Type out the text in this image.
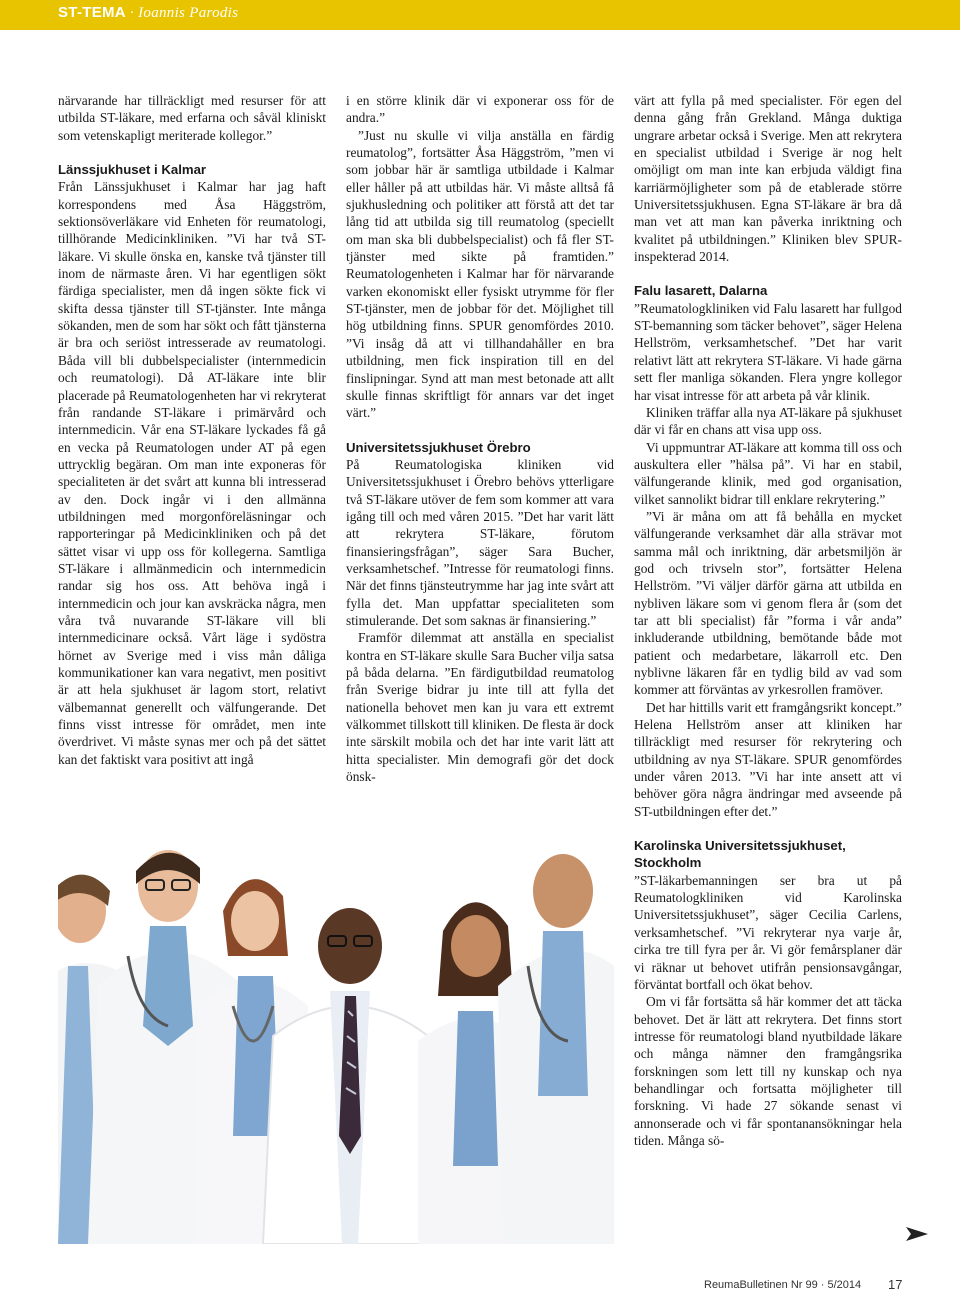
ST-TEMA · Ioannis Parodis

närvarande har tillräckligt med resurser för att utbilda ST-läkare, med erfarna och såväl kliniskt som vetenskapligt meriterade kollegor.”

Länssjukhuset i Kalmar

Från Länssjukhuset i Kalmar har jag haft korrespondens med Åsa Häggström, sektionsöverläkare vid Enheten för reumatologi, tillhörande Medicinkliniken. ”Vi har två ST-läkare. Vi skulle önska en, kanske två tjänster till inom de närmaste åren. Vi har egentligen sökt färdiga specialister, men då ingen sökte fick vi skifta dessa tjänster till ST-tjänster. Inte många sökanden, men de som har sökt och fått tjänsterna är bra och seriöst intresserade av reumatologi. Båda vill bli dubbelspecialister (internmedicin och reumatologi). Då AT-läkare inte blir placerade på Reumatologenheten har vi rekryterat från randande ST-läkare i primärvård och internmedicin. Vår ena ST-läkare lyckades få gå en vecka på Reumatologen under AT på egen uttrycklig begäran. Om man inte exponeras för specialiteten är det svårt att kunna bli intresserad av den. Dock ingår vi i den allmänna utbildningen med morgonföreläsningar och rapporteringar på Medicinkliniken och på det sättet visar vi upp oss för kollegerna. Samtliga ST-läkare i allmänmedicin och internmedicin randar sig hos oss. Att behöva ingå i internmedicin och jour kan avskräcka några, men våra två nuvarande ST-läkare vill bli internmedicinare också. Vårt läge i sydöstra hörnet av Sverige med i viss mån dåliga kommunikationer kan vara negativt, men positivt är att hela sjukhuset är lagom stort, relativt välbemannat generellt och välfungerande. Det finns visst intresse för området, men inte överdrivet. Vi måste synas mer och på det sättet kan det faktiskt vara positivt att ingå

i en större klinik där vi exponerar oss för de andra.”

”Just nu skulle vi vilja anställa en färdig reumatolog”, fortsätter Åsa Häggström, ”men vi som jobbar här är samtliga utbildade i Kalmar eller håller på att utbildas här. Vi måste alltså få sjukhusledning och politiker att förstå att det tar lång tid att utbilda sig till reumatolog (speciellt om man ska bli dubbelspecialist) och få fler ST-tjänster med sikte på framtiden.” Reumatologenheten i Kalmar har för närvarande varken ekonomiskt eller fysiskt utrymme för fler ST-tjänster, men de jobbar för det. Möjlighet till hög utbildning finns. SPUR genomfördes 2010. ”Vi insåg då att vi tillhandahåller en bra utbildning, men fick inspiration till en del finslipningar. Synd att man mest betonade att allt skulle finnas skriftligt för annars var det inget värt.”

Universitetssjukhuset Örebro

På Reumatologiska kliniken vid Universitetssjukhuset i Örebro behövs ytterligare två ST-läkare utöver de fem som kommer att vara igång till och med våren 2015. ”Det har varit lätt att rekrytera ST-läkare, förutom finansieringsfrågan”, säger Sara Bucher, verksamhetschef. ”Intresse för reumatologi finns. När det finns tjänsteutrymme har jag inte svårt att fylla det. Man uppfattar specialiteten som stimulerande. Det som saknas är finansiering.”

Framför dilemmat att anställa en specialist kontra en ST-läkare skulle Sara Bucher vilja satsa på båda delarna. ”En färdigutbildad reumatolog från Sverige bidrar ju inte till att fylla det nationella behovet men kan ju vara ett extremt välkommet tillskott till kliniken. De flesta är dock inte särskilt mobila och det har inte varit lätt att hitta specialister. Min demografi gör det dock önsk-

värt att fylla på med specialister. För egen del denna gång från Grekland. Många duktiga ungrare arbetar också i Sverige. Men att rekrytera en specialist utbildad i Sverige är nog helt omöjligt om man inte kan erbjuda väldigt fina karriärmöjligheter som på de etablerade större Universitetssjukhusen. Egna ST-läkare är bra då man vet att man kan påverka inriktning och kvalitet på utbildningen.” Kliniken blev SPUR-inspekterad 2014.

Falu lasarett, Dalarna

”Reumatologkliniken vid Falu lasarett har fullgod ST-bemanning som täcker behovet”, säger Helena Hellström, verksamhetschef. ”Det har varit relativt lätt att rekrytera ST-läkare. Vi hade gärna sett fler manliga sökanden. Flera yngre kollegor har visat intresse för att arbeta på vår klinik.

Kliniken träffar alla nya AT-läkare på sjukhuset där vi får en chans att visa upp oss.

Vi uppmuntrar AT-läkare att komma till oss och auskultera eller ”hälsa på”. Vi har en stabil, välfungerande klinik, med god organisation, vilket sannolikt bidrar till enklare rekrytering.”

”Vi är måna om att få behålla en mycket välfungerande verksamhet där alla strävar mot samma mål och inriktning, där arbetsmiljön är god och trivseln stor”, fortsätter Helena Hellström. ”Vi väljer därför gärna att utbilda en nybliven läkare som vi genom flera år (som det tar att bli specialist) får ”forma i vår anda” inkluderande utbildning, bemötande både mot patient och medarbetare, läkarroll etc. Den nyblivne läkaren får en tydlig bild av vad som kommer att förväntas av yrkesrollen framöver.

Det har hittills varit ett framgångsrikt koncept.” Helena Hellström anser att kliniken har tillräckligt med resurser för rekrytering och utbildning av nya ST-läkare. SPUR genomfördes under våren 2013. ”Vi har inte ansett att vi behöver göra några ändringar med avseende på ST-utbildningen efter det.”

Karolinska Universitetssjukhuset, Stockholm

”ST-läkarbemanningen ser bra ut på Reumatologkliniken vid Karolinska Universitetssjukhuset”, säger Cecilia Carlens, verksamhetschef. ”Vi rekryterar nya varje år, cirka tre till fyra per år. Vi gör femårsplaner där vi räknar ut behovet utifrån pensionsavgångar, förväntat bortfall och ökat behov.

Om vi får fortsätta så här kommer det att täcka behovet. Det är lätt att rekrytera. Det finns stort intresse för reumatologi bland nyutbildade läkare och många nämner den framgångsrika forskningen som lett till ny kunskap och nya behandlingar och fortsatta möjligheter till forskning. Vi hade 27 sökande senast vi annonserade och vi får spontanansökningar hela tiden. Många sö-

ReumaBulletinen Nr 99 · 5/2014 17
